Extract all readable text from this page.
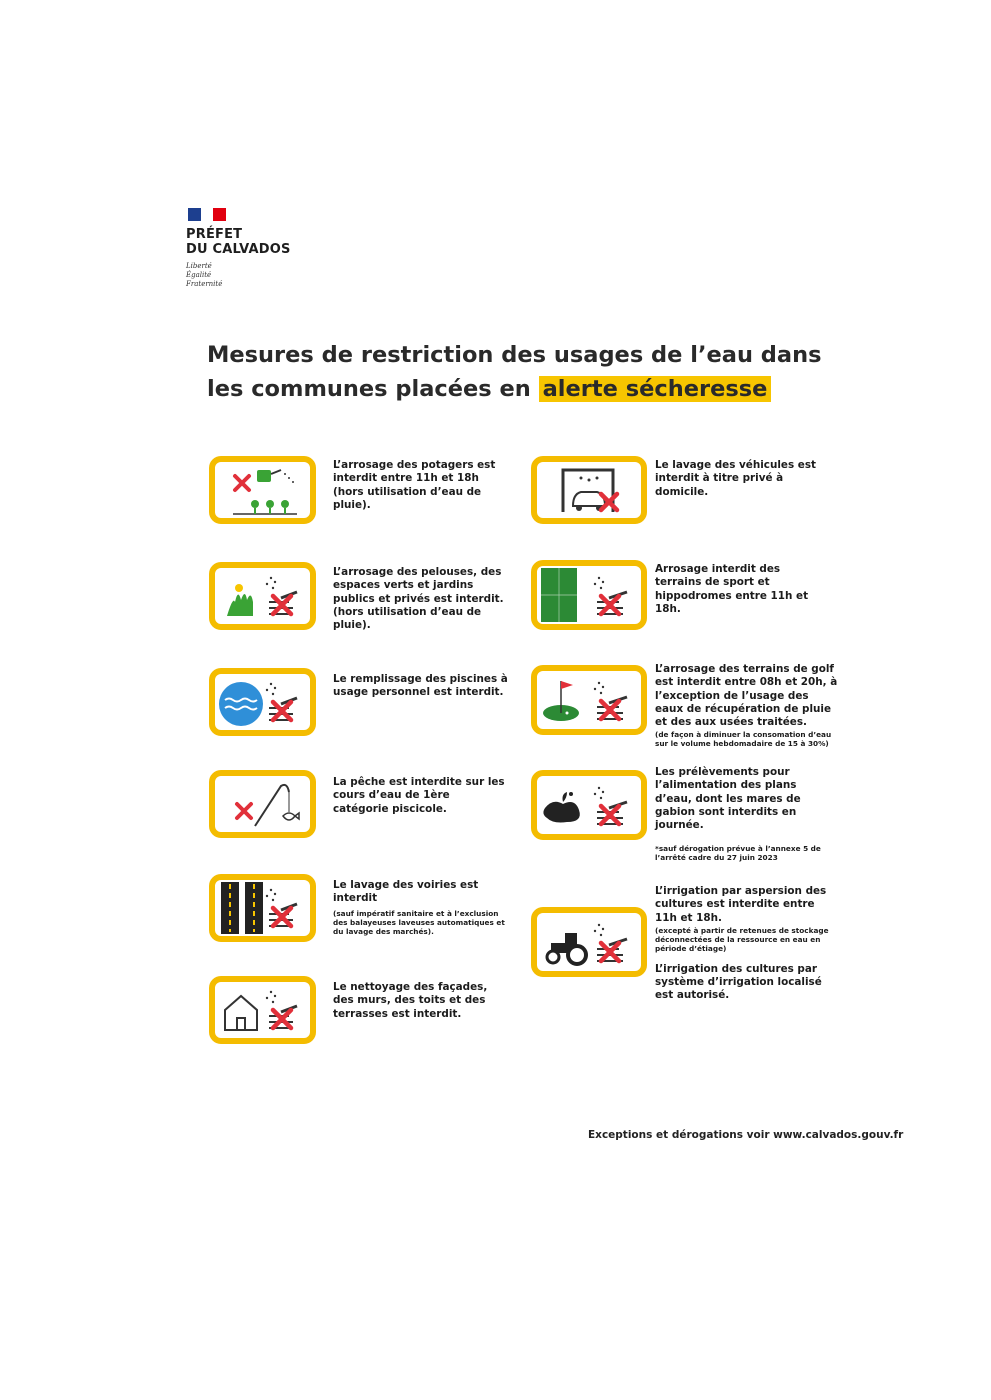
PRÉFET
DU CALVADOS
Liberté
Égalité
Fraternité
Mesures de restriction des usages de l’eau dans
les communes placées en alerte sécheresse
L’arrosage des potagers est interdit entre 11h et 18h (hors utilisation d’eau de pluie).
L’arrosage des pelouses, des espaces verts et jardins publics et privés est interdit. (hors utilisation d’eau de pluie).
Le remplissage des piscines à usage personnel est interdit.
La pêche est interdite sur les cours d’eau de 1ère catégorie piscicole.

Le lavage des voiries est interdit

(sauf impératif sanitaire et à l’exclusion des balayeuses laveuses automatiques et du lavage des marchés).

Le nettoyage des façades, des murs, des toits et des terrasses est interdit.
Le lavage des véhicules est interdit à titre privé à domicile.
Arrosage interdit des terrains de sport et hippodromes entre 11h et 18h.

L’arrosage des terrains de golf est interdit entre 08h et 20h, à l’exception de l’usage des eaux de récupération de pluie et des aux usées traitées.

(de façon à diminuer la consomation d’eau sur le volume hebdomadaire de 15 à 30%)

Les prélèvements pour l’alimentation des plans d’eau, dont les mares de gabion sont interdits en journée.

*sauf dérogation prévue à l’annexe 5 de l’arrêté cadre du 27 juin 2023

L’irrigation par aspersion des cultures est interdite entre 11h et 18h.

(excepté à partir de retenues de stockage déconnectées de la ressource en eau en période d’étiage)

L’irrigation des cultures par système d’irrigation localisé est autorisé.

Exceptions et dérogations voir www.calvados.gouv.fr
